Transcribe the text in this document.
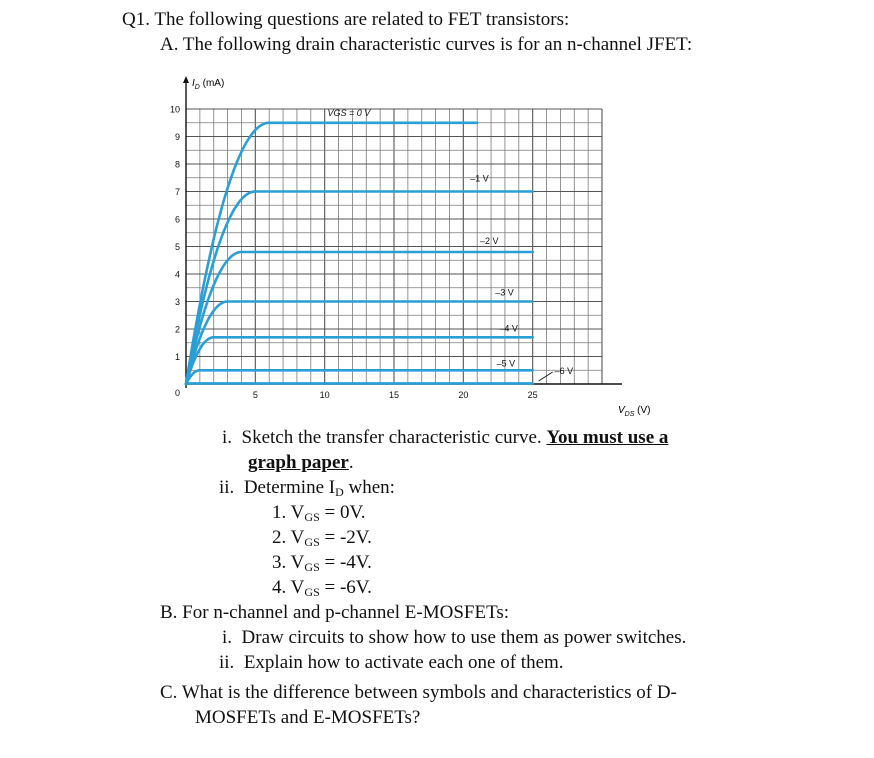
Q1. The following questions are related to FET transistors:
A. The following drain characteristic curves is for an n-channel JFET:
1
2
3
4
5
6
7
8
9
10
5	10	15	20	25
0
VGS = 0 V
–1 V
–2 V
–3 V
–4 V
–5 V
–6 V
$I_D$ (mA)
$V_{DS}$ (V)
i. Sketch the transfer characteristic curve. You must use a
graph paper.
ii. Determine $I_D$ when:
1. $V_{GS} = 0V$.
2. $V_{GS} = -2V$.
3. $V_{GS} = -4V$.
4. $V_{GS} = -6V$.
B. For n-channel and p-channel E-MOSFETs:
i. Draw circuits to show how to use them as power switches.
ii. Explain how to activate each one of them.
C. What is the difference between symbols and characteristics of D-
MOSFETs and E-MOSFETs?
